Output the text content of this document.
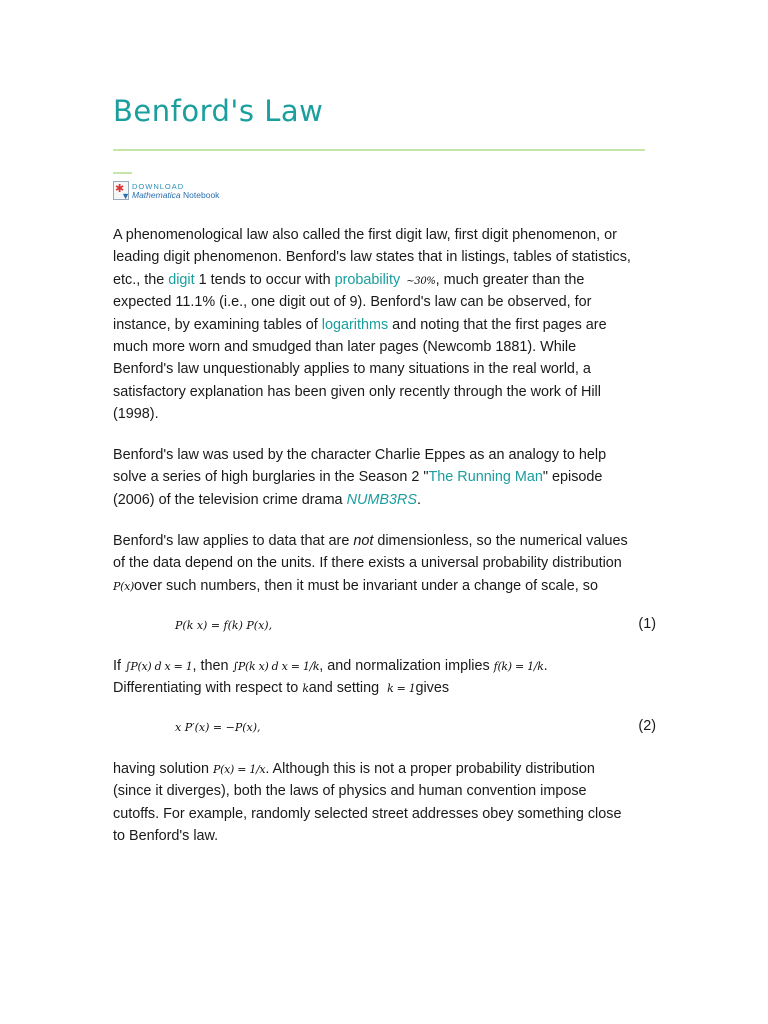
Benford's Law
✱
▼
DOWNLOAD
Mathematica Notebook
A phenomenological law also called the first digit law, first digit phenomenon, or
leading digit phenomenon. Benford's law states that in listings, tables of statistics,
etc., the digit 1 tends to occur with probability ~30%, much greater than the
expected 11.1% (i.e., one digit out of 9). Benford's law can be observed, for
instance, by examining tables of logarithms and noting that the first pages are
much more worn and smudged than later pages (Newcomb 1881). While
Benford's law unquestionably applies to many situations in the real world, a
satisfactory explanation has been given only recently through the work of Hill
(1998).
Benford's law was used by the character Charlie Eppes as an analogy to help
solve a series of high burglaries in the Season 2 "The Running Man" episode
(2006) of the television crime drama NUMB3RS.
Benford's law applies to data that are not dimensionless, so the numerical values
of the data depend on the units. If there exists a universal probability distribution
P(x)over such numbers, then it must be invariant under a change of scale, so
P(k x) = f(k) P(x),	(1)
If ∫P(x) d x = 1, then ∫P(k x) d x = 1/k, and normalization implies f(k) = 1/k.
Differentiating with respect to kand setting k = 1gives
x P′(x) = −P(x),	(2)
having solution P(x) = 1/x. Although this is not a proper probability distribution
(since it diverges), both the laws of physics and human convention impose
cutoffs. For example, randomly selected street addresses obey something close
to Benford's law.
